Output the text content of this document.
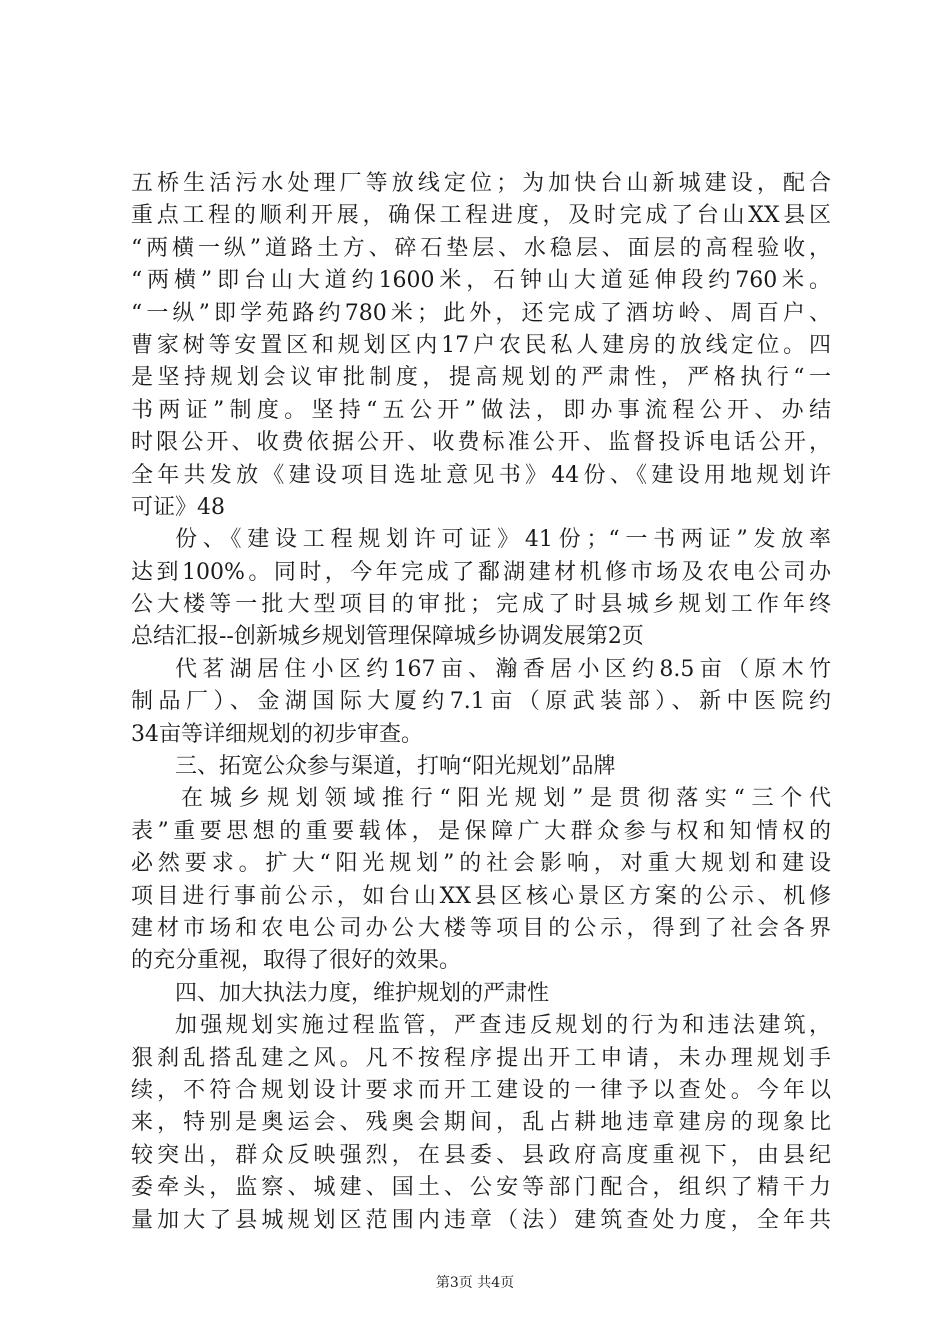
五桥生活污水处理厂等放线定位；为加快台山新城建设，配合
重点工程的顺利开展，确保工程进度，及时完成了台山XX县区
“两横一纵”道路土方、碎石垫层、水稳层、面层的高程验收，
“两横”即台山大道约1600米，石钟山大道延伸段约760米。
“一纵”即学苑路约780米；此外，还完成了酒坊岭、周百户、
曹家树等安置区和规划区内17户农民私人建房的放线定位。四
是坚持规划会议审批制度，提高规划的严肃性，严格执行“一
书两证”制度。坚持“五公开”做法，即办事流程公开、办结
时限公开、收费依据公开、收费标准公开、监督投诉电话公开，
全年共发放《建设项目选址意见书》44份、《建设用地规划许
可证》48
份、《建设工程规划许可证》41份；“一书两证”发放率
达到100%。同时，今年完成了鄱湖建材机修市场及农电公司办
公大楼等一批大型项目的审批；完成了时县城乡规划工作年终
总结汇报--创新城乡规划管理保障城乡协调发展第2页
代茗湖居住小区约167亩、瀚香居小区约8.5亩（原木竹
制品厂）、金湖国际大厦约7.1亩（原武装部）、新中医院约
34亩等详细规划的初步审查。
三、拓宽公众参与渠道，打响“阳光规划”品牌
在城乡规划领域推行“阳光规划”是贯彻落实“三个代
表”重要思想的重要载体，是保障广大群众参与权和知情权的
必然要求。扩大“阳光规划”的社会影响，对重大规划和建设
项目进行事前公示，如台山XX县区核心景区方案的公示、机修
建材市场和农电公司办公大楼等项目的公示，得到了社会各界
的充分重视，取得了很好的效果。
四、加大执法力度，维护规划的严肃性
加强规划实施过程监管，严查违反规划的行为和违法建筑，
狠刹乱搭乱建之风。凡不按程序提出开工申请，未办理规划手
续，不符合规划设计要求而开工建设的一律予以查处。今年以
来，特别是奥运会、残奥会期间，乱占耕地违章建房的现象比
较突出，群众反映强烈，在县委、县政府高度重视下，由县纪
委牵头，监察、城建、国土、公安等部门配合，组织了精干力
量加大了县城规划区范围内违章（法）建筑查处力度，全年共
第3页 共4页
